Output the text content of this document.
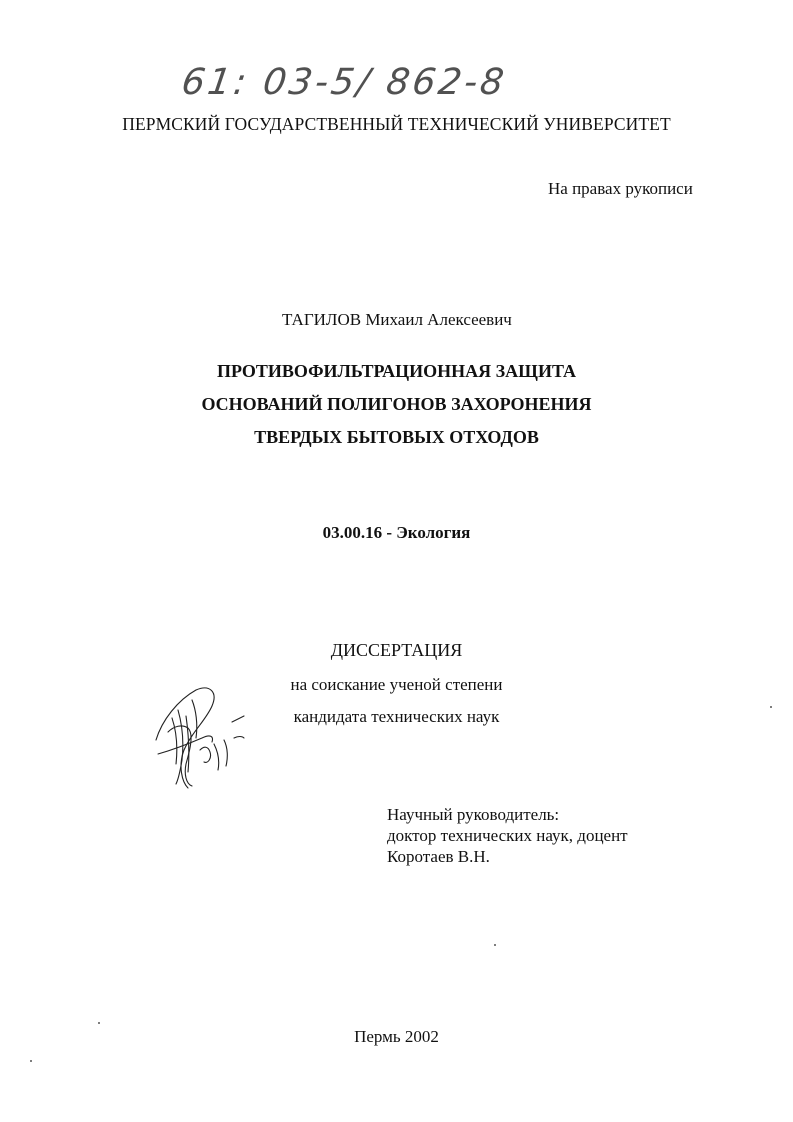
61: 03-5/ 862-8
ПЕРМСКИЙ ГОСУДАРСТВЕННЫЙ ТЕХНИЧЕСКИЙ УНИВЕРСИТЕТ
На правах рукописи
ТАГИЛОВ Михаил Алексеевич
ПРОТИВОФИЛЬТРАЦИОННАЯ ЗАЩИТА
ОСНОВАНИЙ ПОЛИГОНОВ ЗАХОРОНЕНИЯ
ТВЕРДЫХ БЫТОВЫХ ОТХОДОВ
03.00.16 - Экология
ДИССЕРТАЦИЯ
на соискание ученой степени
кандидата технических наук
Научный руководитель:
доктор технических наук, доцент
Коротаев В.Н.
Пермь 2002
